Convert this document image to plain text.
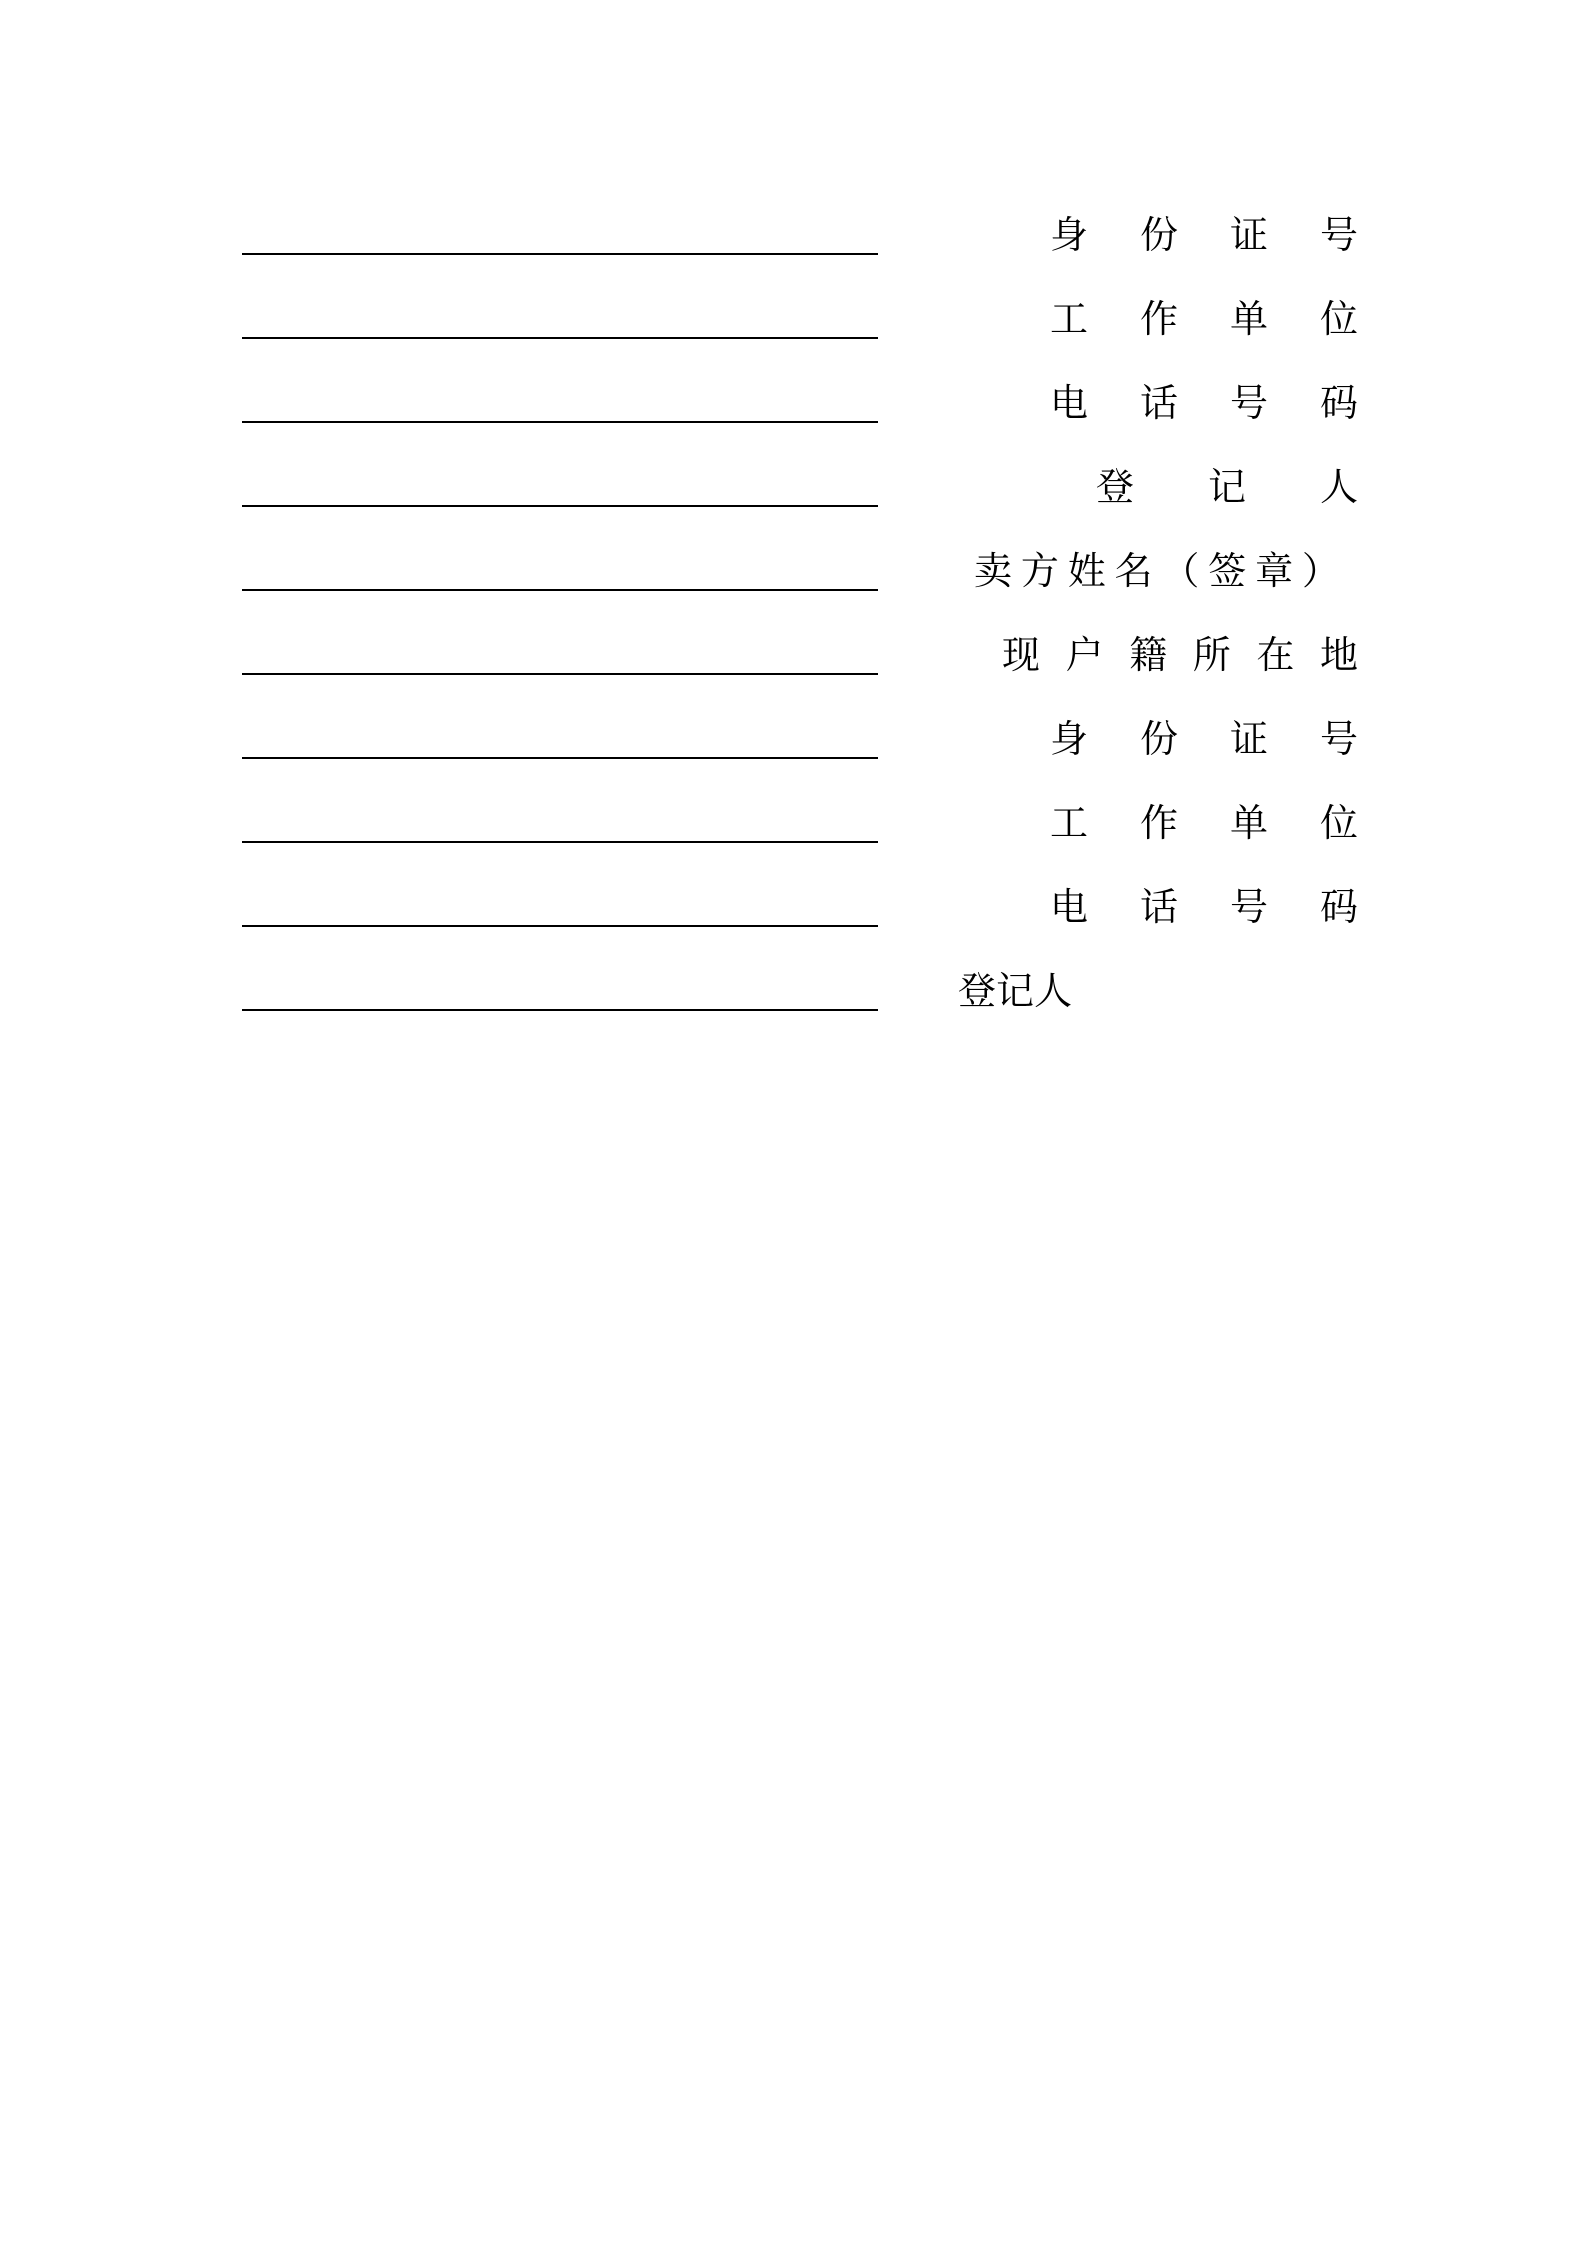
身 份 证 号
工 作 单 位
电 话 号 码
登 记 人
卖 方 姓 名 （ 签 章 ）
现 户 籍 所 在 地
身 份 证 号
工 作 单 位
电 话 号 码
登记人
